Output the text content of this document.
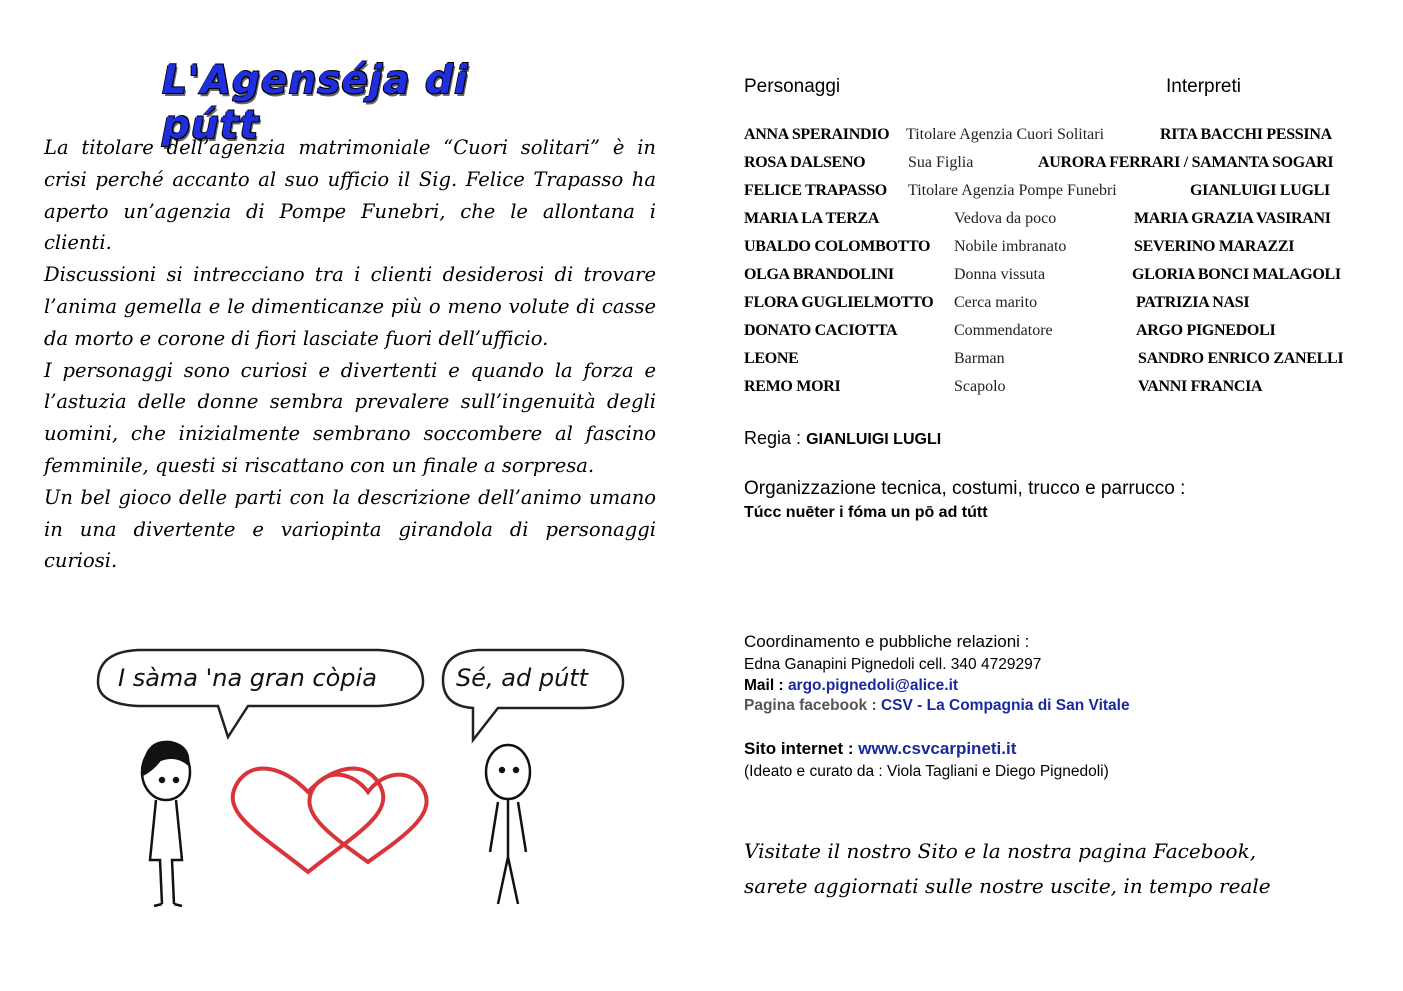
L'Agenséja di pútt

La titolare dell’agenzia matrimoniale “Cuori solitari” è in crisi perché accanto al suo ufficio il Sig. Felice Trapasso ha aperto un’agenzia di Pompe Funebri, che le allontana i clienti.

Discussioni si intrecciano tra i clienti desiderosi di trovare l’anima gemella e le dimenticanze più o meno volute di casse da morto e corone di fiori lasciate fuori dell’ufficio.

I personaggi sono curiosi e divertenti e quando la forza e l’astuzia delle donne sembra prevalere sull’ingenuità degli uomini, che inizialmente sembrano soccombere al fascino femminile, questi si riscattano con un finale a sorpresa.

Un bel gioco delle parti con la descrizione dell’animo umano in una divertente e variopinta girandola di personaggi curiosi.

I sàma 'na gran còpia	Sé, ad pútt
Personaggi	Interpreti
ANNA SPERAINDIO Titolare Agenzia Cuori Solitari	RITA BACCHI PESSINA
ROSA DALSENO	Sua Figlia	AURORA FERRARI / SAMANTA SOGARI
FELICE TRAPASSO Titolare Agenzia Pompe Funebri	GIANLUIGI LUGLI
MARIA LA TERZA	Vedova da poco	MARIA GRAZIA VASIRANI
UBALDO COLOMBOTTO Nobile imbranato	SEVERINO MARAZZI
OLGA BRANDOLINI	Donna vissuta	GLORIA BONCI MALAGOLI
FLORA GUGLIELMOTTO Cerca marito	PATRIZIA NASI
DONATO CACIOTTA	Commendatore	ARGO PIGNEDOLI
LEONE	Barman	SANDRO ENRICO ZANELLI
REMO MORI	Scapolo	VANNI FRANCIA
Regia : GIANLUIGI LUGLI
Organizzazione tecnica, costumi, trucco e parrucco :
Túcc nuēter i fóma un pō ad tútt
Coordinamento e pubbliche relazioni :
Edna Ganapini Pignedoli cell. 340 4729297
Mail : argo.pignedoli@alice.it
Pagina facebook : CSV - La Compagnia di San Vitale
Sito internet : www.csvcarpineti.it
(Ideato e curato da : Viola Tagliani e Diego Pignedoli)
Visitate il nostro Sito e la nostra pagina Facebook,
sarete aggiornati sulle nostre uscite, in tempo reale
